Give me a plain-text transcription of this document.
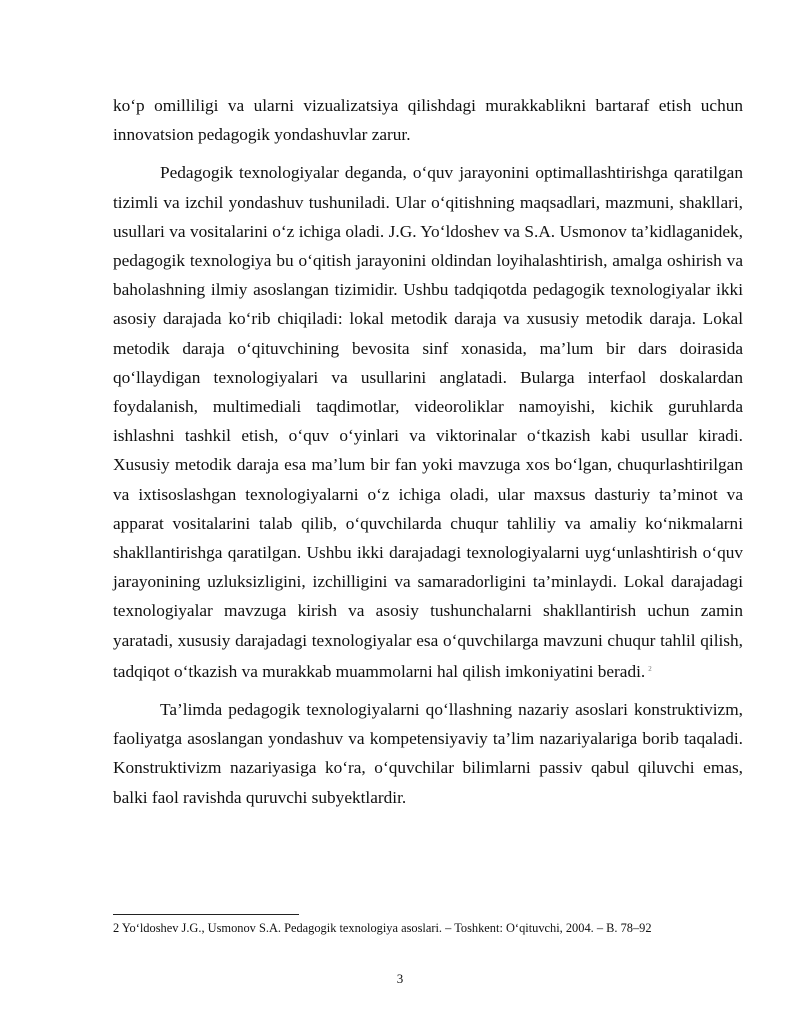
ko‘p omilliligi va ularni vizualizatsiya qilishdagi murakkablikni bartaraf etish uchun innovatsion pedagogik yondashuvlar zarur.

Pedagogik texnologiyalar deganda, o‘quv jarayonini optimallashtirishga qaratilgan tizimli va izchil yondashuv tushuniladi. Ular o‘qitishning maqsadlari, mazmuni, shakllari, usullari va vositalarini o‘z ichiga oladi. J.G. Yo‘ldoshev va S.A. Usmonov ta’kidlaganidek, pedagogik texnologiya bu o‘qitish jarayonini oldindan loyihalashtirish, amalga oshirish va baholashning ilmiy asoslangan tizimidir. Ushbu tadqiqotda pedagogik texnologiyalar ikki asosiy darajada ko‘rib chiqiladi: lokal metodik daraja va xususiy metodik daraja. Lokal metodik daraja o‘qituvchining bevosita sinf xonasida, ma’lum bir dars doirasida qo‘llaydigan texnologiyalari va usullarini anglatadi. Bularga interfaol doskalardan foydalanish, multimediali taqdimotlar, videoroliklar namoyishi, kichik guruhlarda ishlashni tashkil etish, o‘quv o‘yinlari va viktorinalar o‘tkazish kabi usullar kiradi. Xususiy metodik daraja esa ma’lum bir fan yoki mavzuga xos bo‘lgan, chuqurlashtirilgan va ixtisoslashgan texnologiyalarni o‘z ichiga oladi, ular maxsus dasturiy ta’minot va apparat vositalarini talab qilib, o‘quvchilarda chuqur tahliliy va amaliy ko‘nikmalarni shakllantirishga qaratilgan. Ushbu ikki darajadagi texnologiyalarni uyg‘unlashtirish o‘quv jarayonining uzluksizligini, izchilligini va samaradorligini ta’minlaydi. Lokal darajadagi texnologiyalar mavzuga kirish va asosiy tushunchalarni shakllantirish uchun zamin yaratadi, xususiy darajadagi texnologiyalar esa o‘quvchilarga mavzuni chuqur tahlil qilish, tadqiqot o‘tkazish va murakkab muammolarni hal qilish imkoniyatini beradi. $^2$

Ta’limda pedagogik texnologiyalarni qo‘llashning nazariy asoslari konstruktivizm, faoliyatga asoslangan yondashuv va kompetensiyaviy ta’lim nazariyalariga borib taqaladi. Konstruktivizm nazariyasiga ko‘ra, o‘quvchilar bilimlarni passiv qabul qiluvchi emas, balki faol ravishda quruvchi subyektlardir.

2 Yo‘ldoshev J.G., Usmonov S.A. Pedagogik texnologiya asoslari. – Toshkent: O‘qituvchi, 2004. – B. 78–92
3
